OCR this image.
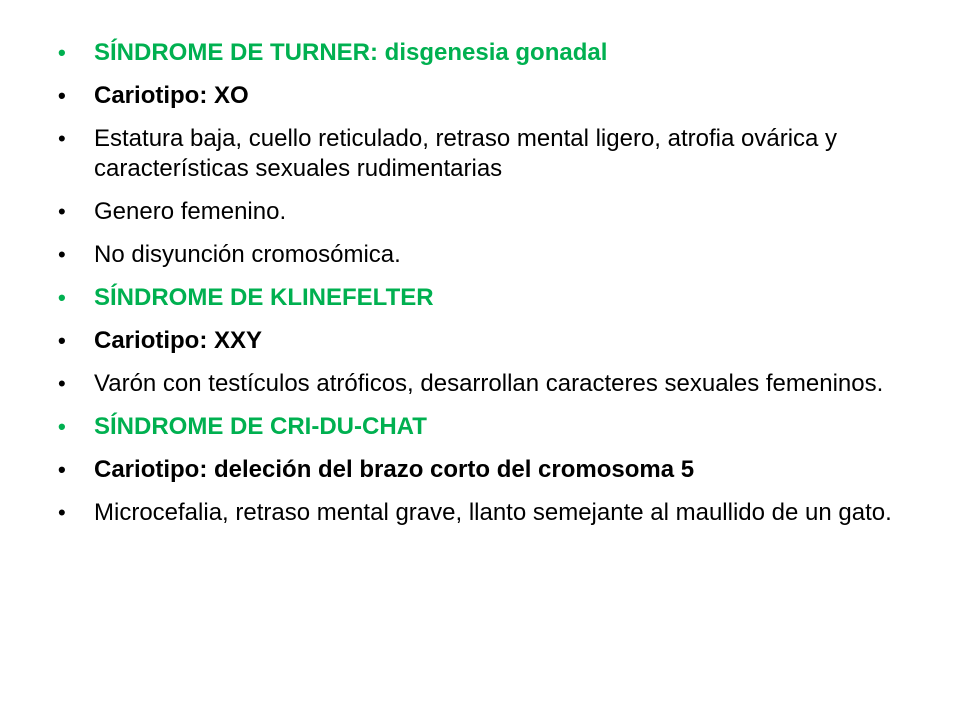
•	SÍNDROME DE TURNER: disgenesia gonadal
•	Cariotipo: XO
•	Estatura baja, cuello reticulado, retraso mental ligero, atrofia ovárica y características sexuales rudimentarias
•	Genero femenino.
•	No disyunción cromosómica.
•	SÍNDROME DE KLINEFELTER
•	Cariotipo: XXY
•	Varón con testículos atróficos, desarrollan caracteres sexuales femeninos.
•	SÍNDROME DE CRI-DU-CHAT
•	Cariotipo: deleción del brazo corto del cromosoma 5
•	Microcefalia, retraso mental grave, llanto semejante al maullido de un gato.
